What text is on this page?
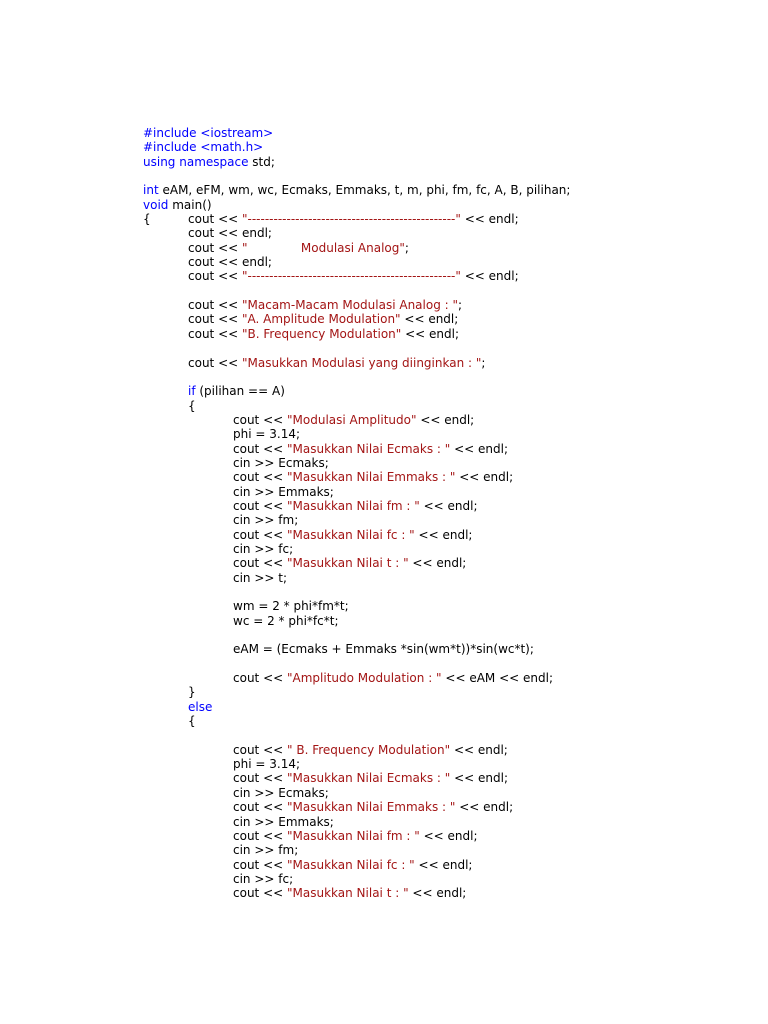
#include <iostream>
#include <math.h>
using namespace std;
int eAM, eFM, wm, wc, Ecmaks, Emmaks, t, m, phi, fm, fc, A, B, pilihan;
void main()
{	cout << "------------------------------------------------" << endl;
cout << endl;
cout << "              Modulasi Analog";
cout << endl;
cout << "------------------------------------------------" << endl;
cout << "Macam-Macam Modulasi Analog : ";
cout << "A. Amplitude Modulation" << endl;
cout << "B. Frequency Modulation" << endl;
cout << "Masukkan Modulasi yang diinginkan : ";
if (pilihan == A)
{
cout << "Modulasi Amplitudo" << endl;
phi = 3.14;
cout << "Masukkan Nilai Ecmaks : " << endl;
cin >> Ecmaks;
cout << "Masukkan Nilai Emmaks : " << endl;
cin >> Emmaks;
cout << "Masukkan Nilai fm : " << endl;
cin >> fm;
cout << "Masukkan Nilai fc : " << endl;
cin >> fc;
cout << "Masukkan Nilai t : " << endl;
cin >> t;
wm = 2 * phi*fm*t;
wc = 2 * phi*fc*t;
eAM = (Ecmaks + Emmaks *sin(wm*t))*sin(wc*t);
cout << "Amplitudo Modulation : " << eAM << endl;
}
else
{
cout << " B. Frequency Modulation" << endl;
phi = 3.14;
cout << "Masukkan Nilai Ecmaks : " << endl;
cin >> Ecmaks;
cout << "Masukkan Nilai Emmaks : " << endl;
cin >> Emmaks;
cout << "Masukkan Nilai fm : " << endl;
cin >> fm;
cout << "Masukkan Nilai fc : " << endl;
cin >> fc;
cout << "Masukkan Nilai t : " << endl;
